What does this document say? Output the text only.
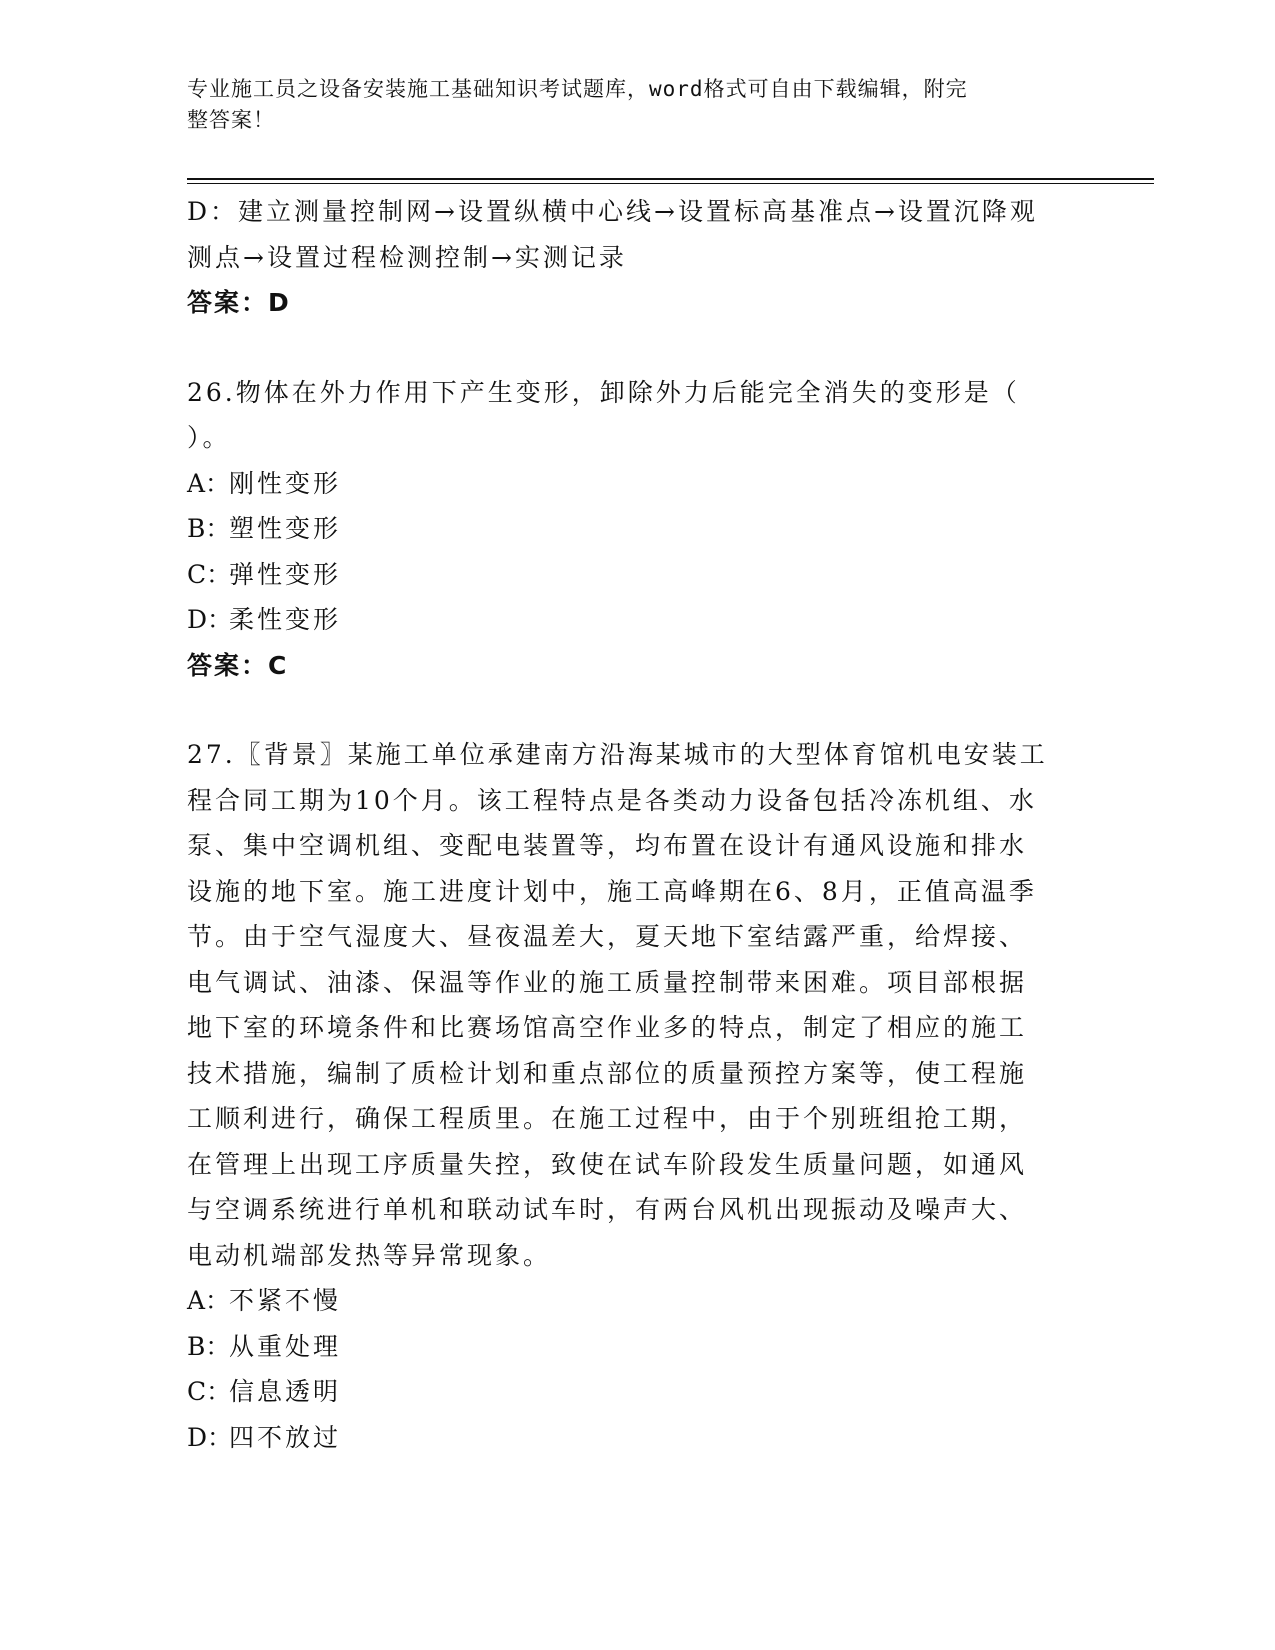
专业施工员之设备安装施工基础知识考试题库，word格式可自由下载编辑，附完
整答案！
D：建立测量控制网→设置纵横中心线→设置标高基准点→设置沉降观
测点→设置过程检测控制→实测记录
答案：D
26.物体在外力作用下产生变形，卸除外力后能完全消失的变形是（
）。
A：刚性变形
B：塑性变形
C：弹性变形
D：柔性变形
答案：C
27.〖背景〗某施工单位承建南方沿海某城市的大型体育馆机电安装工
程合同工期为10个月。该工程特点是各类动力设备包括冷冻机组、水
泵、集中空调机组、变配电装置等，均布置在设计有通风设施和排水
设施的地下室。施工进度计划中，施工高峰期在6、8月，正值高温季
节。由于空气湿度大、昼夜温差大，夏天地下室结露严重，给焊接、
电气调试、油漆、保温等作业的施工质量控制带来困难。项目部根据
地下室的环境条件和比赛场馆高空作业多的特点，制定了相应的施工
技术措施，编制了质检计划和重点部位的质量预控方案等，使工程施
工顺利进行，确保工程质里。在施工过程中，由于个别班组抢工期，
在管理上出现工序质量失控，致使在试车阶段发生质量问题，如通风
与空调系统进行单机和联动试车时，有两台风机出现振动及噪声大、
电动机端部发热等异常现象。
A：不紧不慢
B：从重处理
C：信息透明
D：四不放过
